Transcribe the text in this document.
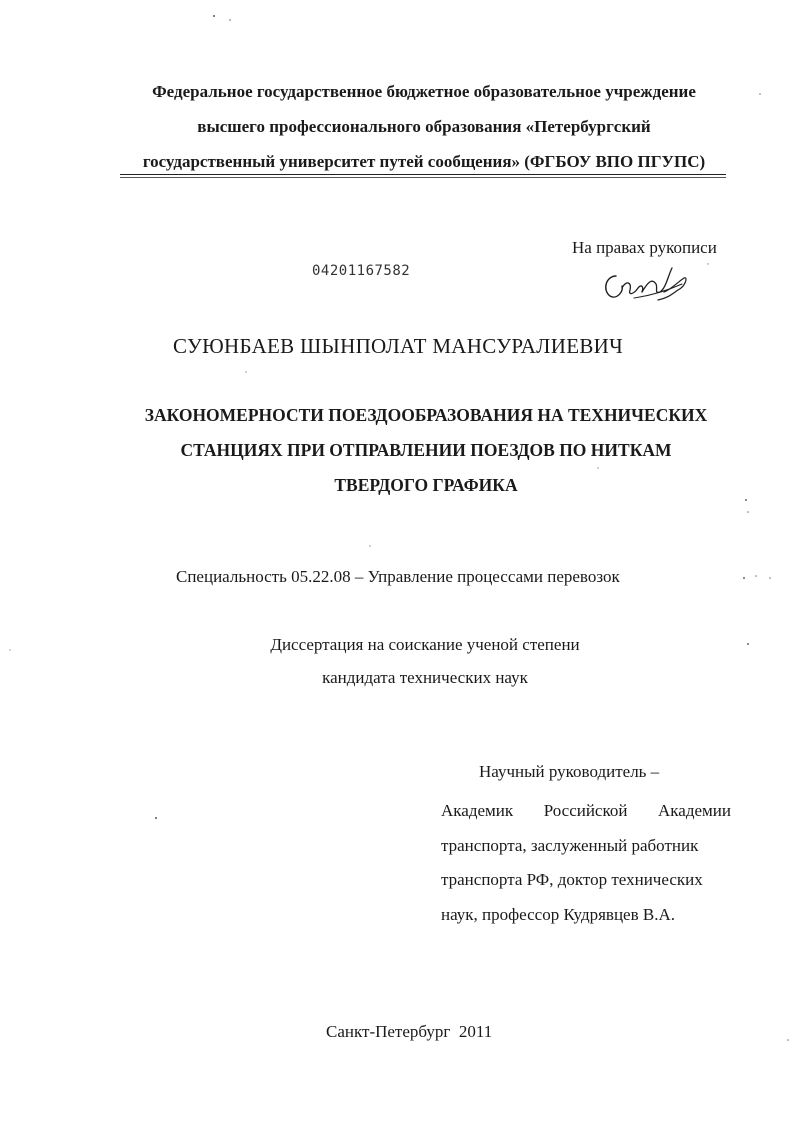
Федеральное государственное бюджетное образовательное учреждение
высшего профессионального образования «Петербургский
государственный университет путей сообщения» (ФГБОУ ВПО ПГУПС)
На правах рукописи
04201167582
СУЮНБАЕВ ШЫНПОЛАТ МАНСУРАЛИЕВИЧ
ЗАКОНОМЕРНОСТИ ПОЕЗДООБРАЗОВАНИЯ НА ТЕХНИЧЕСКИХ
СТАНЦИЯХ ПРИ ОТПРАВЛЕНИИ ПОЕЗДОВ ПО НИТКАМ
ТВЕРДОГО ГРАФИКА
Специальность 05.22.08 – Управление процессами перевозок
Диссертация на соискание ученой степени
кандидата технических наук
Научный руководитель –
Академик Российской Академии
транспорта, заслуженный работник
транспорта РФ, доктор технических
наук, профессор Кудрявцев В.А.
Санкт-Петербург  2011
